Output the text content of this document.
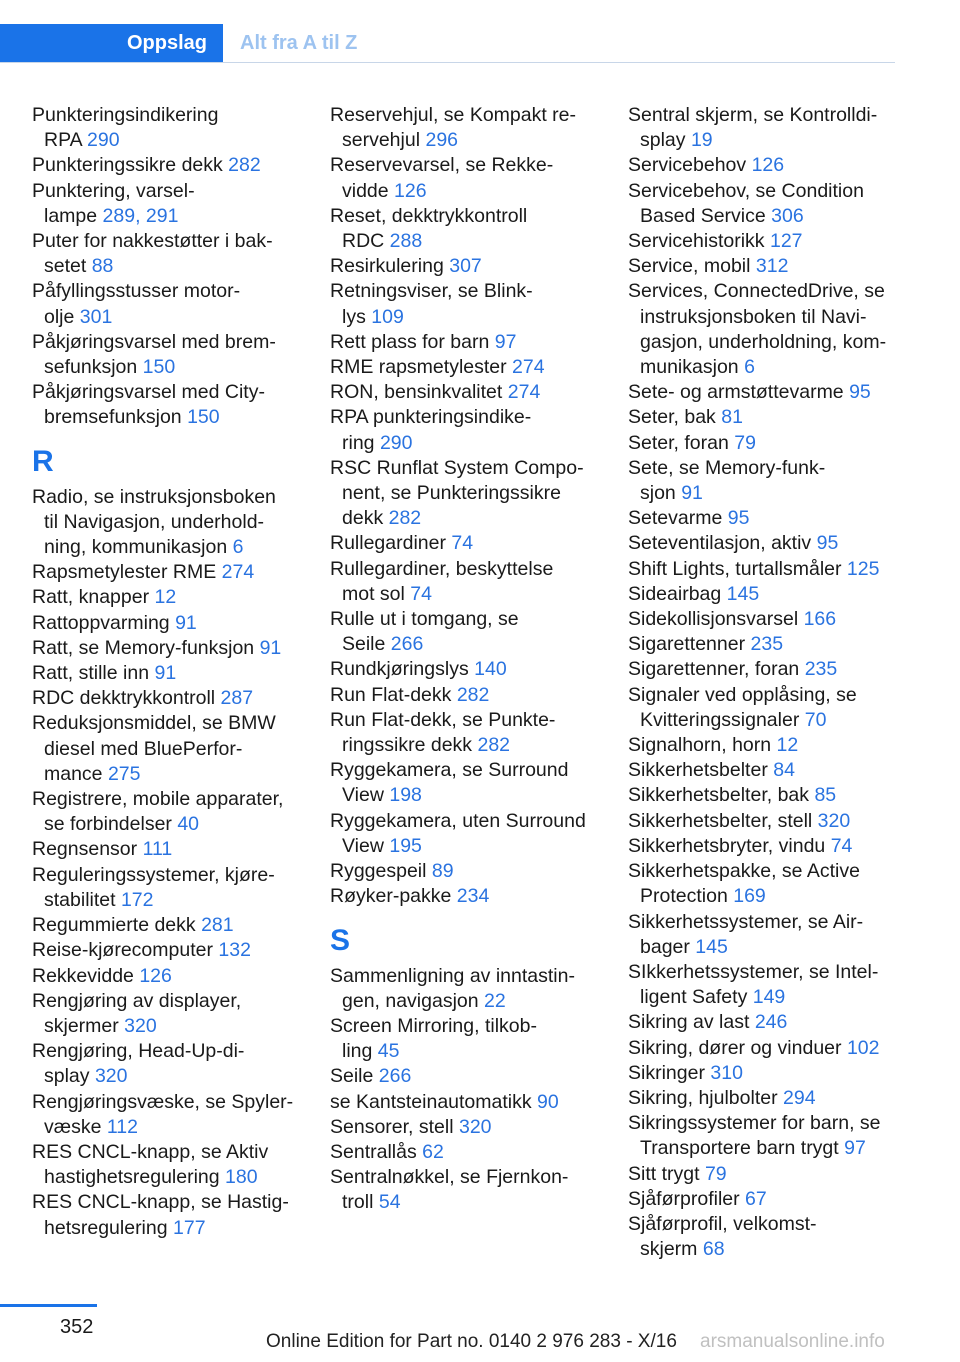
Oppslag	Alt fra A til Z
Punkteringsindikering
RPA 290
Punkteringssikre dekk 282
Punktering, varsel-
lampe 289, 291
Puter for nakkestøtter i bak-
setet 88
Påfyllingsstusser motor-
olje 301
Påkjøringsvarsel med brem-
sefunksjon 150
Påkjøringsvarsel med City-
bremsefunksjon 150
R
Radio, se instruksjonsboken
til Navigasjon, underhold-
ning, kommunikasjon 6
Rapsmetylester RME 274
Ratt, knapper 12
Rattoppvarming 91
Ratt, se Memory-funksjon 91
Ratt, stille inn 91
RDC dekktrykkontroll 287
Reduksjonsmiddel, se BMW
diesel med BluePerfor-
mance 275
Registrere, mobile apparater,
se forbindelser 40
Regnsensor 111
Reguleringssystemer, kjøre-
stabilitet 172
Regummierte dekk 281
Reise-kjørecomputer 132
Rekkevidde 126
Rengjøring av displayer,
skjermer 320
Rengjøring, Head-Up-di-
splay 320
Rengjøringsvæske, se Spyler-
væske 112
RES CNCL-knapp, se Aktiv
hastighetsregulering 180
RES CNCL-knapp, se Hastig-
hetsregulering 177
Reservehjul, se Kompakt re-
servehjul 296
Reservevarsel, se Rekke-
vidde 126
Reset, dekktrykkontroll
RDC 288
Resirkulering 307
Retningsviser, se Blink-
lys 109
Rett plass for barn 97
RME rapsmetylester 274
RON, bensinkvalitet 274
RPA punkteringsindike-
ring 290
RSC Runflat System Compo-
nent, se Punkteringssikre
dekk 282
Rullegardiner 74
Rullegardiner, beskyttelse
mot sol 74
Rulle ut i tomgang, se
Seile 266
Rundkjøringslys 140
Run Flat-dekk 282
Run Flat-dekk, se Punkte-
ringssikre dekk 282
Ryggekamera, se Surround
View 198
Ryggekamera, uten Surround
View 195
Ryggespeil 89
Røyker-pakke 234
S
Sammenligning av inntastin-
gen, navigasjon 22
Screen Mirroring, tilkob-
ling 45
Seile 266
se Kantsteinautomatikk 90
Sensorer, stell 320
Sentrallås 62
Sentralnøkkel, se Fjernkon-
troll 54
Sentral skjerm, se Kontrolldi-
splay 19
Servicebehov 126
Servicebehov, se Condition
Based Service 306
Servicehistorikk 127
Service, mobil 312
Services, ConnectedDrive, se
instruksjonsboken til Navi-
gasjon, underholdning, kom-
munikasjon 6
Sete- og armstøttevarme 95
Seter, bak 81
Seter, foran 79
Sete, se Memory-funk-
sjon 91
Setevarme 95
Seteventilasjon, aktiv 95
Shift Lights, turtallsmåler 125
Sideairbag 145
Sidekollisjonsvarsel 166
Sigarettenner 235
Sigarettenner, foran 235
Signaler ved opplåsing, se
Kvitteringssignaler 70
Signalhorn, horn 12
Sikkerhetsbelter 84
Sikkerhetsbelter, bak 85
Sikkerhetsbelter, stell 320
Sikkerhetsbryter, vindu 74
Sikkerhetspakke, se Active
Protection 169
Sikkerhetssystemer, se Air-
bager 145
SIkkerhetssystemer, se Intel-
ligent Safety 149
Sikring av last 246
Sikring, dører og vinduer 102
Sikringer 310
Sikring, hjulbolter 294
Sikringssystemer for barn, se
Transportere barn trygt 97
Sitt trygt 79
Sjåførprofiler 67
Sjåførprofil, velkomst-
skjerm 68
352
Online Edition for Part no. 0140 2 976 283 - X/16 arsmanualsonline.info
